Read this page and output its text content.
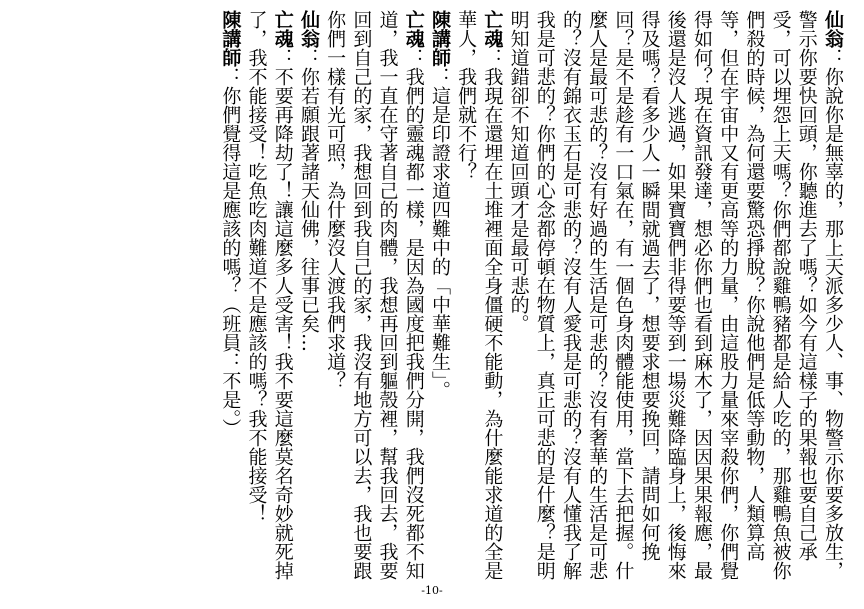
仙翁：你說你是無辜的，那上天派多少人、事、物警示你要多放生，警示你要快回頭，你聽進去了嗎？如今有這樣子的果報也要自己承受，可以埋怨上天嗎？你們都說雞鴨豬都是給人吃的，那雞鴨魚被你們殺的時候，為何還要驚恐掙脫？你說他們是低等動物，人類算高等，但在宇宙中又有更高等的力量，由這股力量來宰殺你們，你們覺得如何？現在資訊發達，想必你們也看到麻木了，因因果果報應，最後還是沒人逃過，如果寶寶們非得要等到一場災難降臨身上，後悔來得及嗎？看多少人一瞬間就過去了，想要求想要挽回，請問如何挽回？是不是趁有一口氣在，有一個色身肉體能使用，當下去把握。什麼人是最可悲的？沒有好過的生活是可悲的？沒有奢華的生活是可悲的？沒有錦衣玉石是可悲的？沒有人愛我是可悲的？沒有人懂我了解我是可悲的？你們的心念都停頓在物質上，真正可悲的是什麼？是明明知道錯卻不知道回頭才是最可悲的。

亡魂：我現在還埋在土堆裡面全身僵硬不能動，為什麼能求道的全是華人，我們就不行？

陳講師：這是印證求道四難中的「中華難生」。

亡魂：我們的靈魂都一樣，是因為國度把我們分開，我們沒死都不知道，我一直在守著自己的肉體，我想再回到軀殼裡，幫我回去，我要回到自己的家，我想回到我自己的家，我沒有地方可以去，我也要跟你們一樣有光可照，為什麼沒人渡我們求道？

仙翁：你若願跟著諸天仙佛，往事已矣…

亡魂：不要再降劫了！讓這麼多人受害！我不要這麼莫名奇妙就死掉了，我不能接受！吃魚吃肉難道不是應該的嗎？我不能接受！

陳講師：你們覺得這是應該的嗎？（班員：不是。）

-10-
